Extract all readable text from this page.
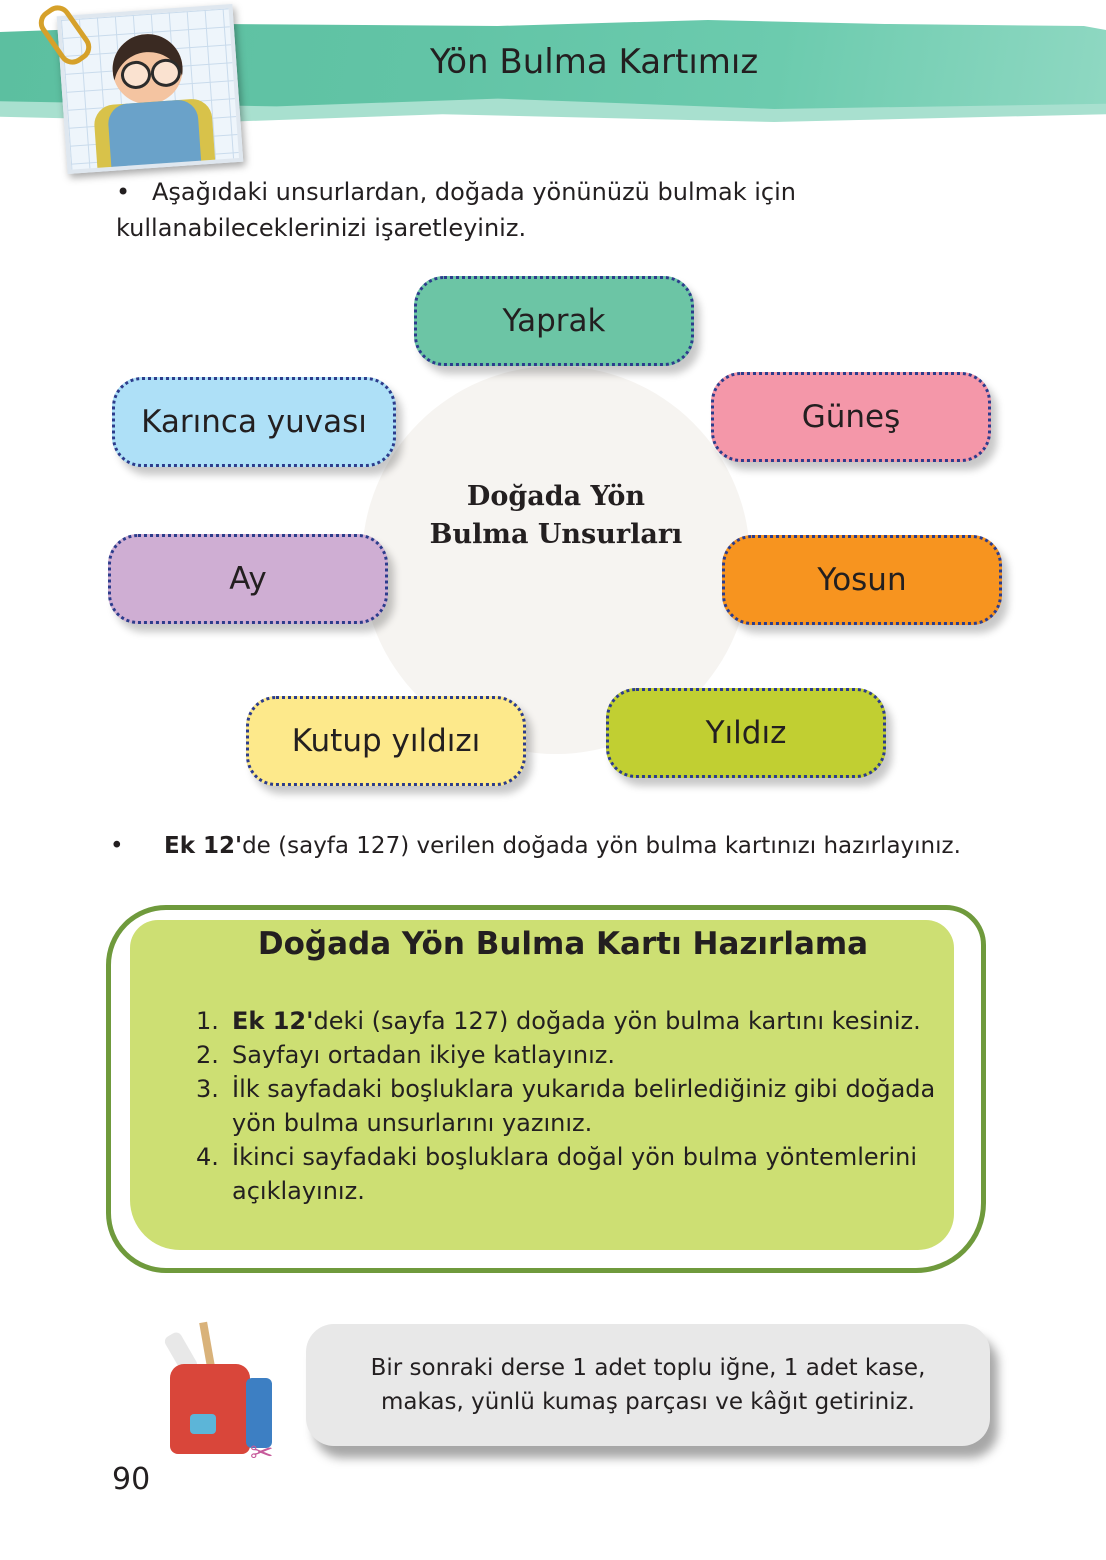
Yön Bulma Kartımız
• Aşağıdaki unsurlardan, doğada yönünüzü bulmak için kullanabileceklerinizi işaretleyiniz.
Doğada Yön
Bulma Unsurları
Yaprak
Güneş
Yosun
Yıldız
Kutup yıldızı
Ay
Karınca yuvası
• Ek 12'de (sayfa 127) verilen doğada yön bulma kartınızı hazırlayınız.
Doğada Yön Bulma Kartı Hazırlama
1. Ek 12'deki (sayfa 127) doğada yön bulma kartını kesiniz.
2. Sayfayı ortadan ikiye katlayınız.
3. İlk sayfadaki boşluklara yukarıda belirlediğiniz gibi doğada yön bulma unsurlarını yazınız.
4. İkinci sayfadaki boşluklara doğal yön bulma yöntemlerini açıklayınız.
✂
Bir sonraki derse 1 adet toplu iğne, 1 adet kase, makas, yünlü kumaş parçası ve kâğıt getiriniz.
90
